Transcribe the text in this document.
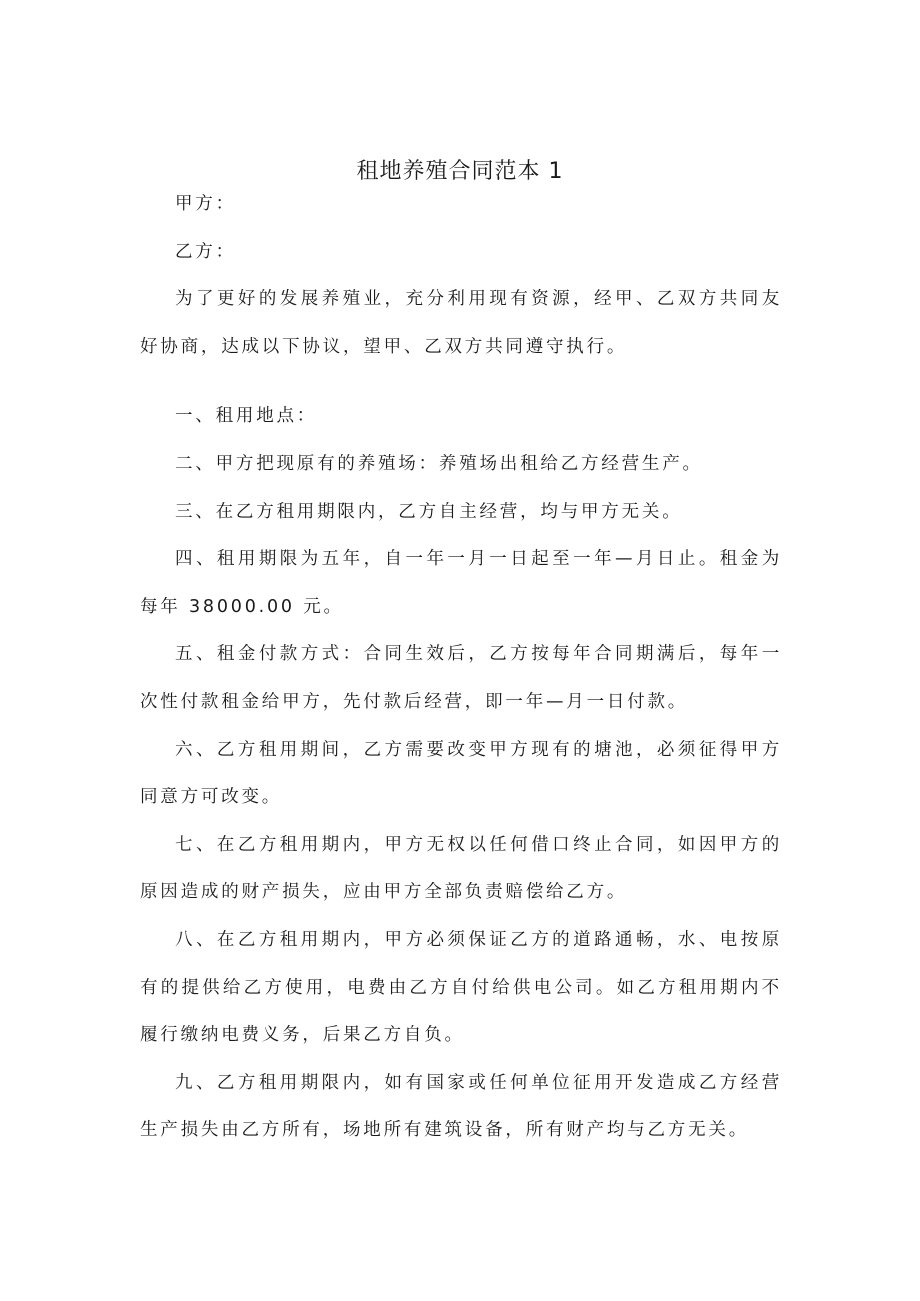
租地养殖合同范本 1

甲方：

乙方：

为了更好的发展养殖业，充分利用现有资源，经甲、乙双方共同友好协商，达成以下协议，望甲、乙双方共同遵守执行。

一、租用地点：

二、甲方把现原有的养殖场：养殖场出租给乙方经营生产。

三、在乙方租用期限内，乙方自主经营，均与甲方无关。

四、租用期限为五年，自一年一月一日起至一年—月日止。租金为每年 38000.00 元。

五、租金付款方式：合同生效后，乙方按每年合同期满后，每年一次性付款租金给甲方，先付款后经营，即一年—月一日付款。

六、乙方租用期间，乙方需要改变甲方现有的塘池，必须征得甲方同意方可改变。

七、在乙方租用期内，甲方无权以任何借口终止合同，如因甲方的原因造成的财产损失，应由甲方全部负责赔偿给乙方。

八、在乙方租用期内，甲方必须保证乙方的道路通畅，水、电按原有的提供给乙方使用，电费由乙方自付给供电公司。如乙方租用期内不履行缴纳电费义务，后果乙方自负。

九、乙方租用期限内，如有国家或任何单位征用开发造成乙方经营生产损失由乙方所有，场地所有建筑设备，所有财产均与乙方无关。
